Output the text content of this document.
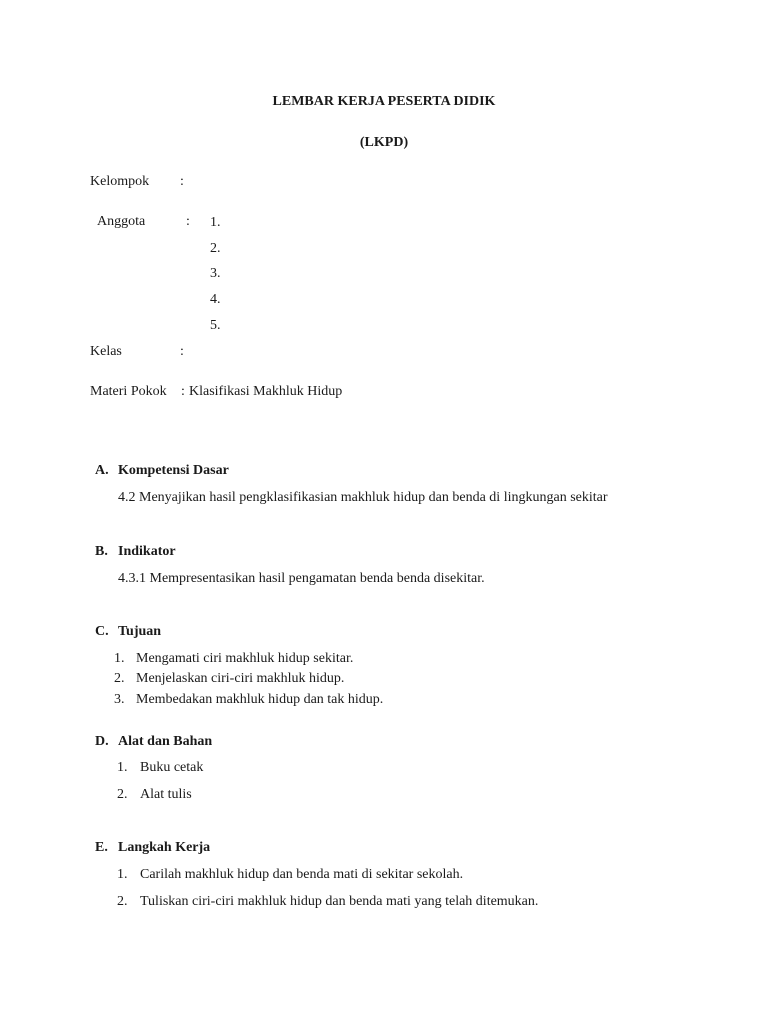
LEMBAR KERJA PESERTA DIDIK
(LKPD)
Kelompok :
Anggota	: 1.
2.
3.
4.
5.
Kelas	:
Materi Pokok : Klasifikasi Makhluk Hidup
A. Kompetensi Dasar
4.2 Menyajikan hasil pengklasifikasian makhluk hidup dan benda di lingkungan sekitar
B. Indikator
4.3.1 Mempresentasikan hasil pengamatan benda benda disekitar.
C. Tujuan
1. Mengamati ciri makhluk hidup sekitar.
2. Menjelaskan ciri-ciri makhluk hidup.
3. Membedakan makhluk hidup dan tak hidup.
D. Alat dan Bahan
1. Buku cetak
2. Alat tulis
E. Langkah Kerja
1. Carilah makhluk hidup dan benda mati di sekitar sekolah.
2. Tuliskan ciri-ciri makhluk hidup dan benda mati yang telah ditemukan.
